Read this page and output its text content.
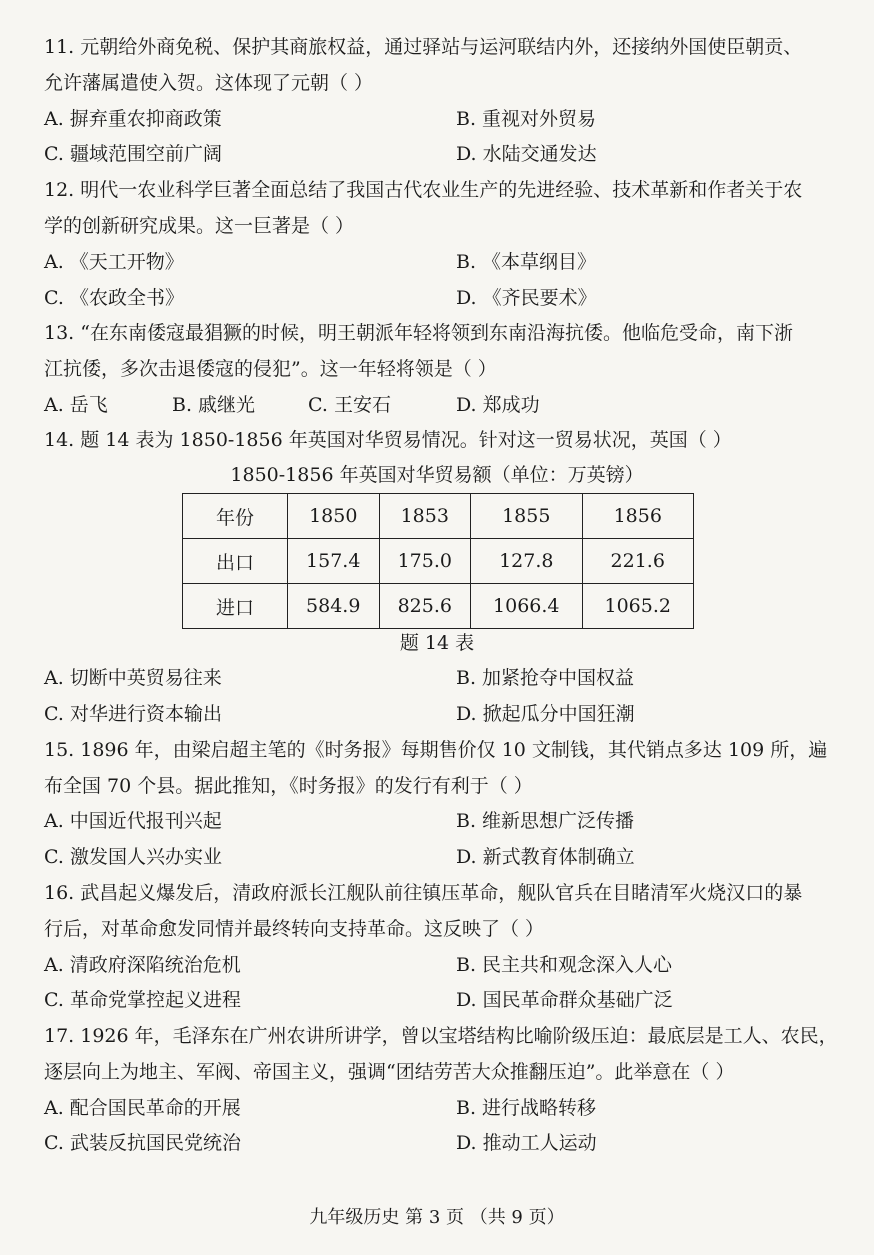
11. 元朝给外商免税、保护其商旅权益，通过驿站与运河联结内外，还接纳外国使臣朝贡、
允许藩属遣使入贺。这体现了元朝（ ）
A. 摒弃重农抑商政策	B. 重视对外贸易
C. 疆域范围空前广阔	D. 水陆交通发达
12. 明代一农业科学巨著全面总结了我国古代农业生产的先进经验、技术革新和作者关于农
学的创新研究成果。这一巨著是（ ）
A. 《天工开物》	B. 《本草纲目》
C. 《农政全书》	D. 《齐民要术》
13. “在东南倭寇最猖獗的时候，明王朝派年轻将领到东南沿海抗倭。他临危受命，南下浙
江抗倭，多次击退倭寇的侵犯”。这一年轻将领是（ ）
A. 岳飞	B. 戚继光	C. 王安石	D. 郑成功
14. 题 14 表为 1850-1856 年英国对华贸易情况。针对这一贸易状况，英国（ ）
1850-1856 年英国对华贸易额（单位：万英镑）
年份	1850	1853	1855	1856
出口	157.4	175.0	127.8	221.6
进口	584.9	825.6	1066.4	1065.2
题 14 表
A. 切断中英贸易往来	B. 加紧抢夺中国权益
C. 对华进行资本输出	D. 掀起瓜分中国狂潮
15. 1896 年，由梁启超主笔的《时务报》每期售价仅 10 文制钱，其代销点多达 109 所，遍
布全国 70 个县。据此推知，《时务报》的发行有利于（ ）
A. 中国近代报刊兴起	B. 维新思想广泛传播
C. 激发国人兴办实业	D. 新式教育体制确立
16. 武昌起义爆发后，清政府派长江舰队前往镇压革命，舰队官兵在目睹清军火烧汉口的暴
行后，对革命愈发同情并最终转向支持革命。这反映了（ ）
A. 清政府深陷统治危机	B. 民主共和观念深入人心
C. 革命党掌控起义进程	D. 国民革命群众基础广泛
17. 1926 年，毛泽东在广州农讲所讲学，曾以宝塔结构比喻阶级压迫：最底层是工人、农民，
逐层向上为地主、军阀、帝国主义，强调“团结劳苦大众推翻压迫”。此举意在（ ）
A. 配合国民革命的开展	B. 进行战略转移
C. 武装反抗国民党统治	D. 推动工人运动
九年级历史 第 3 页 （共 9 页）
